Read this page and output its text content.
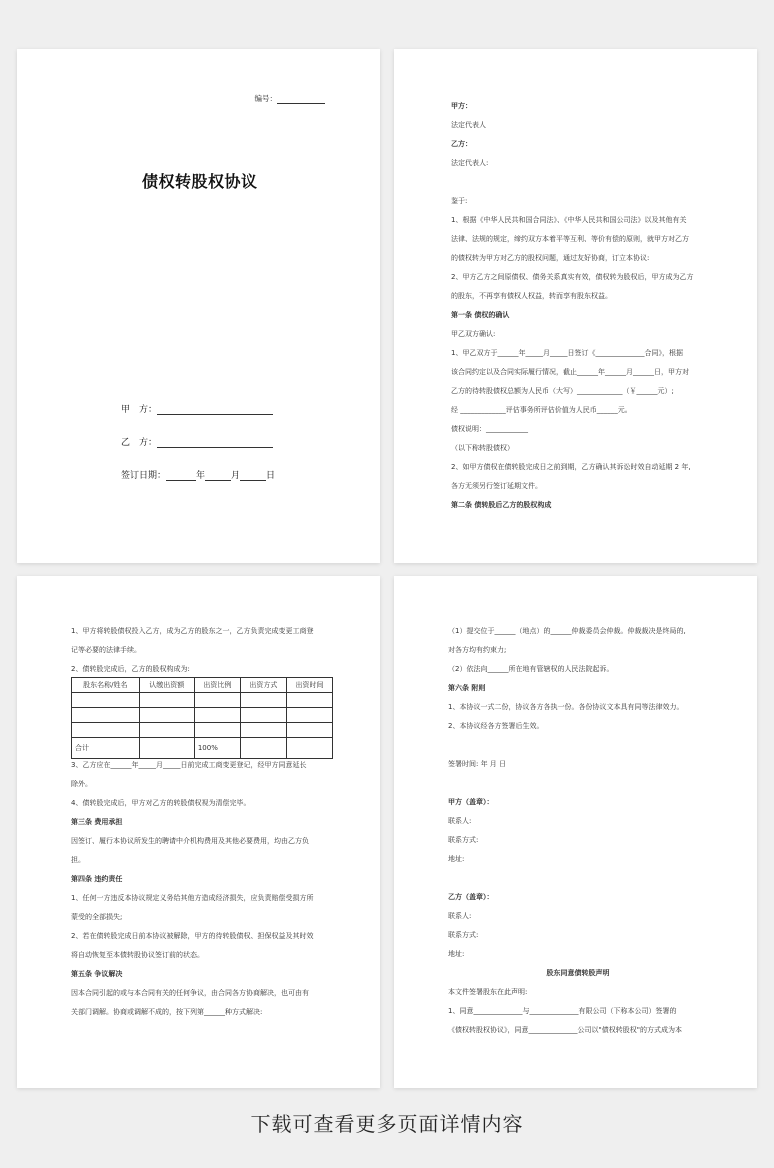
编号：
债权转股权协议
甲　方：
乙　方：
签订日期：	年	月	日
甲方：
法定代表人
乙方：
法定代表人:
鉴于:
1、根据《中华人民共和国合同法》、《中华人民共和国公司法》以及其他有关
法律、法规的规定，缔约双方本着平等互利、等价有偿的原则，就甲方对乙方
的债权转为甲方对乙方的股权问题，通过友好协商，订立本协议:
2、甲方乙方之间原债权、债务关系真实有效，债权转为股权后，甲方成为乙方
的股东，不再享有债权人权益，转而享有股东权益。
第一条 债权的确认
甲乙双方确认:
1、甲乙双方于______年_____月_____日签订《______________合同》，根据
该合同约定以及合同实际履行情况，截止______年______月______日，甲方对
乙方的待转股债权总额为人民币（大写）_____________（￥______元）;
经 _____________评估事务所评估价值为人民币______元。
债权说明：____________
（以下称转股债权）
2、如甲方债权在债转股完成日之前到期，乙方确认其诉讼时效自动延期 2 年,
各方无须另行签订延期文件。
第二条 债转股后乙方的股权构成
1、甲方将转股债权投入乙方，成为乙方的股东之一，乙方负责完成变更工商登
记等必要的法律手续。
2、债转股完成后，乙方的股权构成为:
股东名称/姓名	认缴出资额	出资比例	出资方式	出资时间

合计		100%		
3、乙方应在______年_____月_____日前完成工商变更登记，经甲方同意延长
除外。
4、债转股完成后，甲方对乙方的转股债权视为清偿完毕。
第三条 费用承担
因签订、履行本协议所发生的聘请中介机构费用及其他必要费用，均由乙方负
担。
第四条 违约责任
1、任何一方违反本协议规定义务给其他方造成经济损失，应负责赔偿受损方所
蒙受的全部损失;
2、若在债转股完成日前本协议被解除，甲方的待转股债权、担保权益及其时效
将自动恢复至本债转股协议签订前的状态。
第五条 争议解决
因本合同引起的或与本合同有关的任何争议，由合同各方协商解决，也可由有
关部门调解。协商或调解不成的，按下列第______种方式解决:
（1）提交位于______（地点）的______仲裁委员会仲裁。仲裁裁决是终局的,
对各方均有约束力;
（2）依法向______所在地有管辖权的人民法院起诉。
第六条 附则
1、本协议一式二份，协议各方各执一份。各份协议文本具有同等法律效力。
2、本协议经各方签署后生效。
签署时间: 年 月 日
甲方（盖章）：
联系人:
联系方式:
地址:
乙方（盖章）：
联系人:
联系方式:
地址:
股东同意债转股声明
本文件签署股东在此声明:
1、同意______________与______________有限公司（下称本公司）签署的
《债权转股权协议》，同意______________公司以"债权转股权"的方式成为本
下载可查看更多页面详情内容
